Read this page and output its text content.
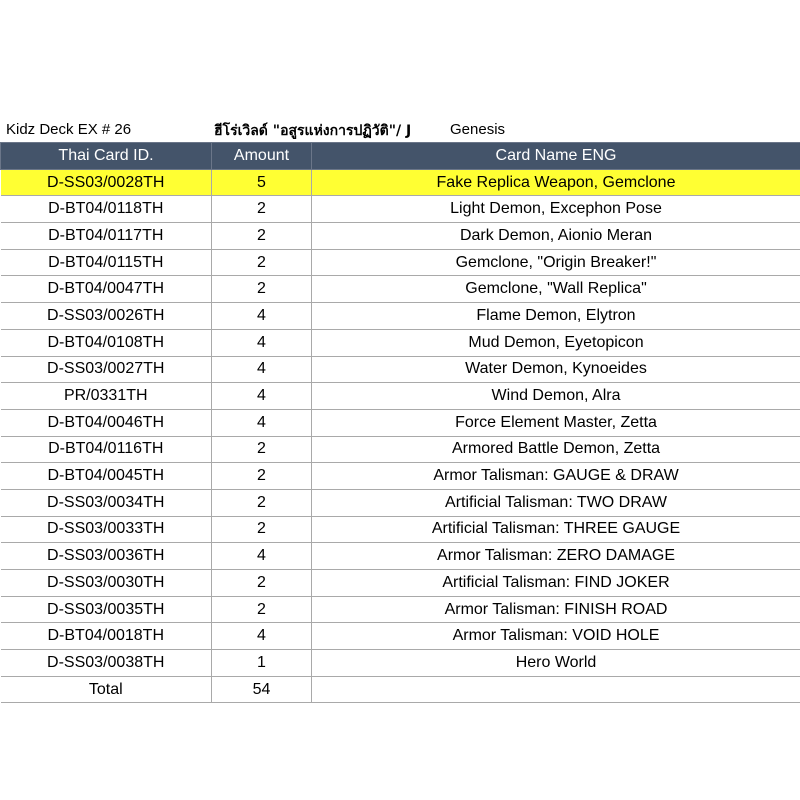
Kidz Deck EX # 26	ฮีโร่เวิลด์ "อสูรแห่งการปฏิวัติ"/ J	Genesis
Thai Card ID.	Amount	Card Name ENG
D-SS03/0028TH	5	Fake Replica Weapon, Gemclone
D-BT04/0118TH	2	Light Demon, Excephon Pose
D-BT04/0117TH	2	Dark Demon, Aionio Meran
D-BT04/0115TH	2	Gemclone, "Origin Breaker!"
D-BT04/0047TH	2	Gemclone, "Wall Replica"
D-SS03/0026TH	4	Flame Demon, Elytron
D-BT04/0108TH	4	Mud Demon, Eyetopicon
D-SS03/0027TH	4	Water Demon, Kynoeides
PR/0331TH	4	Wind Demon, Alra
D-BT04/0046TH	4	Force Element Master, Zetta
D-BT04/0116TH	2	Armored Battle Demon, Zetta
D-BT04/0045TH	2	Armor Talisman: GAUGE & DRAW
D-SS03/0034TH	2	Artificial Talisman: TWO DRAW
D-SS03/0033TH	2	Artificial Talisman: THREE GAUGE
D-SS03/0036TH	4	Armor Talisman: ZERO DAMAGE
D-SS03/0030TH	2	Artificial Talisman: FIND JOKER
D-SS03/0035TH	2	Armor Talisman: FINISH ROAD
D-BT04/0018TH	4	Armor Talisman: VOID HOLE
D-SS03/0038TH	1	Hero World
Total	54	
